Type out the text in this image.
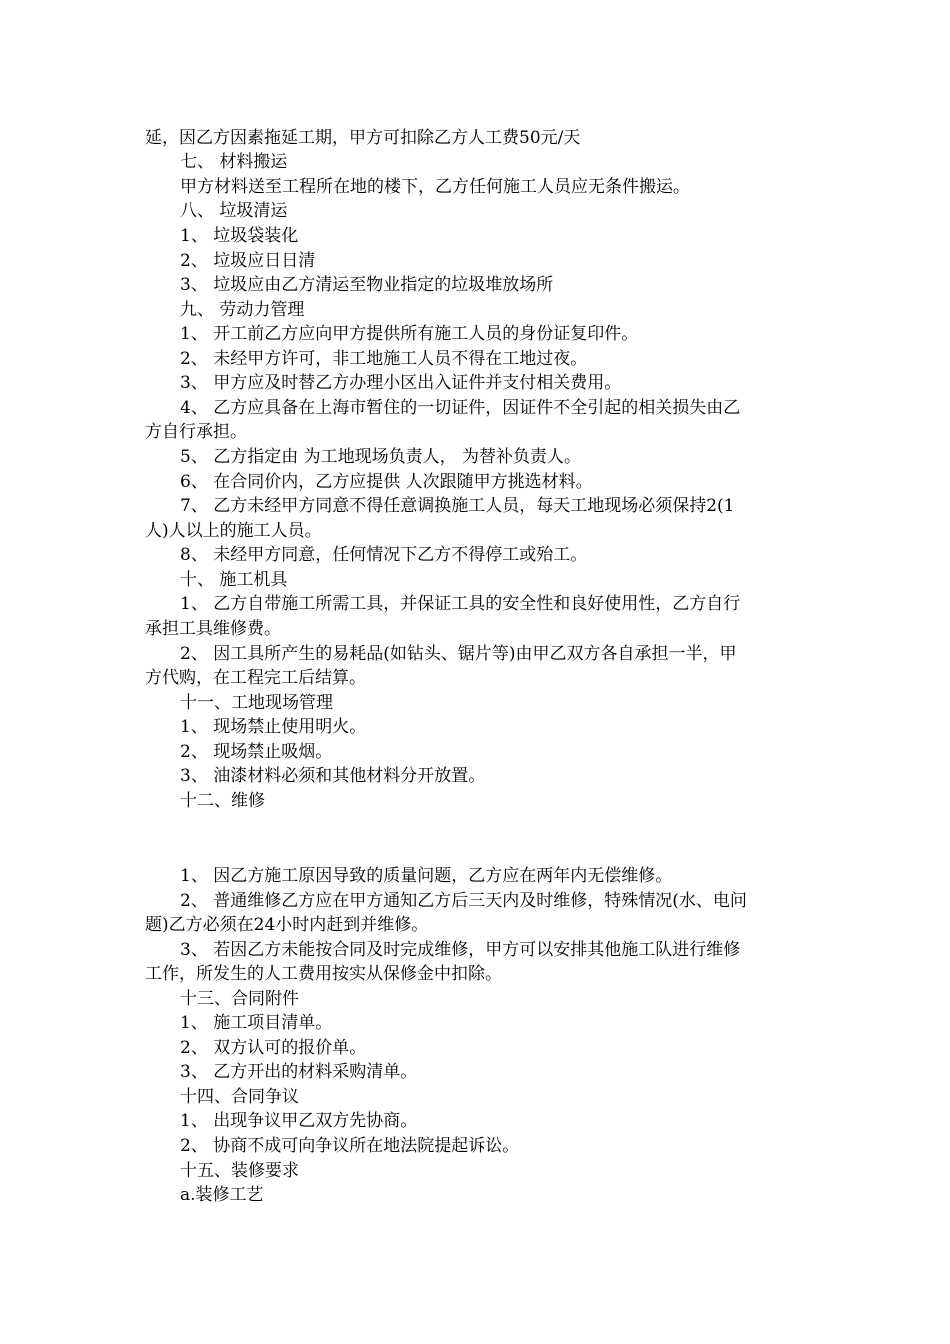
延，因乙方因素拖延工期，甲方可扣除乙方人工费50元/天
七、 材料搬运
甲方材料送至工程所在地的楼下，乙方任何施工人员应无条件搬运。
八、 垃圾清运
1、 垃圾袋装化
2、 垃圾应日日清
3、 垃圾应由乙方清运至物业指定的垃圾堆放场所
九、 劳动力管理
1、 开工前乙方应向甲方提供所有施工人员的身份证复印件。
2、 未经甲方许可，非工地施工人员不得在工地过夜。
3、 甲方应及时替乙方办理小区出入证件并支付相关费用。
4、 乙方应具备在上海市暂住的一切证件，因证件不全引起的相关损失由乙
方自行承担。
5、 乙方指定由 为工地现场负责人， 为替补负责人。
6、 在合同价内，乙方应提供 人次跟随甲方挑选材料。
7、 乙方未经甲方同意不得任意调换施工人员，每天工地现场必须保持2(1
人)人以上的施工人员。
8、 未经甲方同意，任何情况下乙方不得停工或殆工。
十、 施工机具
1、 乙方自带施工所需工具，并保证工具的安全性和良好使用性，乙方自行
承担工具维修费。
2、 因工具所产生的易耗品(如钻头、锯片等)由甲乙双方各自承担一半，甲
方代购，在工程完工后结算。
十一、工地现场管理
1、 现场禁止使用明火。
2、 现场禁止吸烟。
3、 油漆材料必须和其他材料分开放置。
十二、维修
1、 因乙方施工原因导致的质量问题，乙方应在两年内无偿维修。
2、 普通维修乙方应在甲方通知乙方后三天内及时维修，特殊情况(水、电问
题)乙方必须在24小时内赶到并维修。
3、 若因乙方未能按合同及时完成维修，甲方可以安排其他施工队进行维修
工作，所发生的人工费用按实从保修金中扣除。
十三、合同附件
1、 施工项目清单。
2、 双方认可的报价单。
3、 乙方开出的材料采购清单。
十四、合同争议
1、 出现争议甲乙双方先协商。
2、 协商不成可向争议所在地法院提起诉讼。
十五、装修要求
a.装修工艺
